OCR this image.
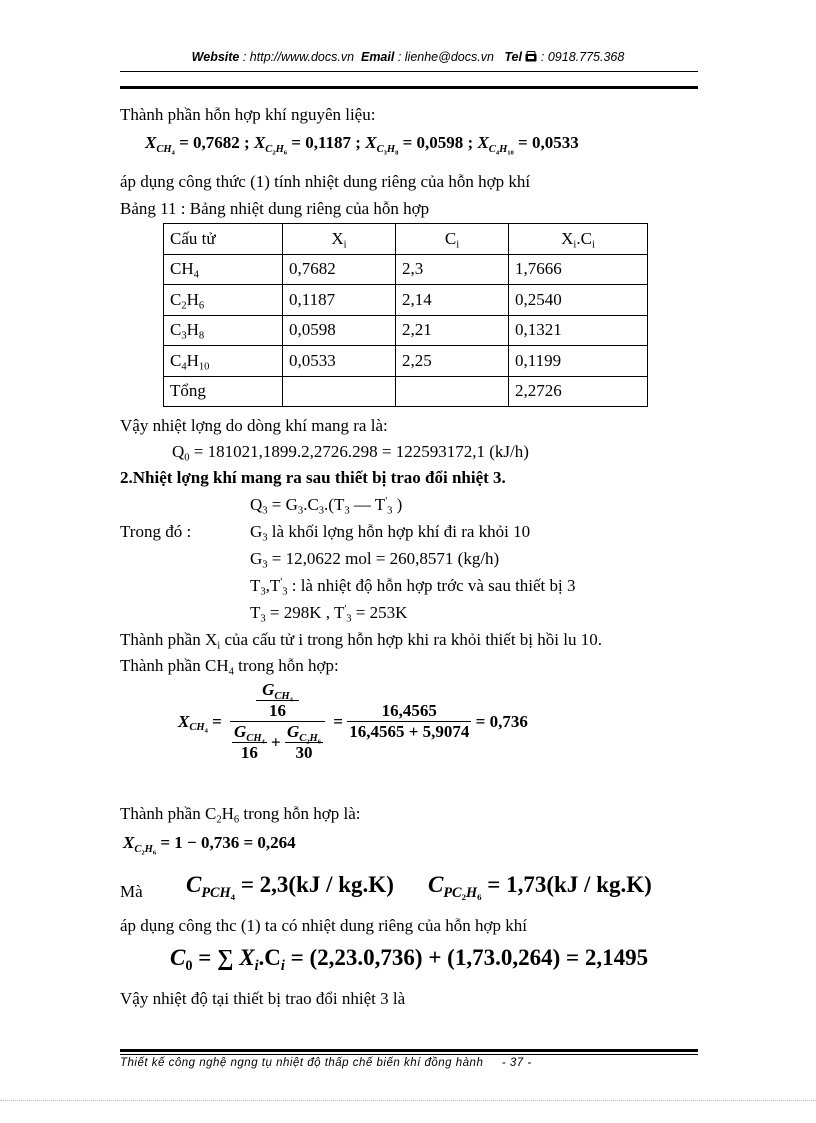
Website : http://www.docs.vn Email : lienhe@docs.vn Tel : 0918.775.368
Thành phần hỗn hợp khí nguyên liệu:
$X_{CH_4} = 0,7682$ ; $X_{C_2H_6} = 0,1187$ ; $X_{C_3H_8} = 0,0598$ ; $X_{C_4H_{10}} = 0,0533$
áp dụng công thức (1) tính nhiệt dung riêng của hỗn hợp khí
Bảng 11 : Bảng nhiệt dung riêng của hỗn hợp
Cấu tử	$X_i$	$C_i$	$X_i.C_i$
$CH_4$	0,7682	2,3	1,7666
$C_2H_6$	0,1187	2,14	0,2540
$C_3H_8$	0,0598	2,21	0,1321
$C_4H_{10}$	0,0533	2,25	0,1199
Tổng			2,2726
Vậy nhiệt lợng do dòng khí mang ra là:
$Q_0 = 181021,1899.2,2726.298 = 122593172,1$ (kJ/h)
2.Nhiệt lợng khí mang ra sau thiết bị trao đổi nhiệt 3.
$Q_3 = G_3.C_3.(T_3$ — $T'_3$ )
Trong đó :	$G_3$ là khối lợng hỗn hợp khí đi ra khỏi 10
$G_3 = 12,0622$ mol = 260,8571 (kg/h)
$T_3,T'_3$ : là nhiệt độ hỗn hợp trớc và sau thiết bị 3
$T_3 = 298K$ , $T'_3 = 253K$
Thành phần $X_i$ của cấu tử i trong hỗn hợp khi ra khỏi thiết bị hồi lu 10.
Thành phần $CH_4$ trong hỗn hợp:
$X_{CH_4} = \frac{\frac{G_{CH_4}}{16}}{\frac{G_{CH_4}}{16} + \frac{G_{C_2H_6}}{30}} = \frac{16,4565}{16,4565 + 5,9074} = 0,736$
Thành phần $C_2H_6$ trong hỗn hợp là:
$X_{C_2H_6} = 1 - 0,736 = 0,264$
Mà $C_{PCH_4} = 2,3(kJ / kg.K) C_{PC_2H_6} = 1,73(kJ / kg.K)$
áp dụng công thc (1) ta có nhiệt dung riêng của hỗn hợp khí
$C_0$ = ∑ $X_i.C_i = (2,23.0,736) + (1,73.0,264) = 2,1495$
Vậy nhiệt độ tại thiết bị trao đổi nhiệt 3 là
Thiết kế công nghệ ngng tụ nhiệt độ thấp chế biến khí đồng hành - 37 -
